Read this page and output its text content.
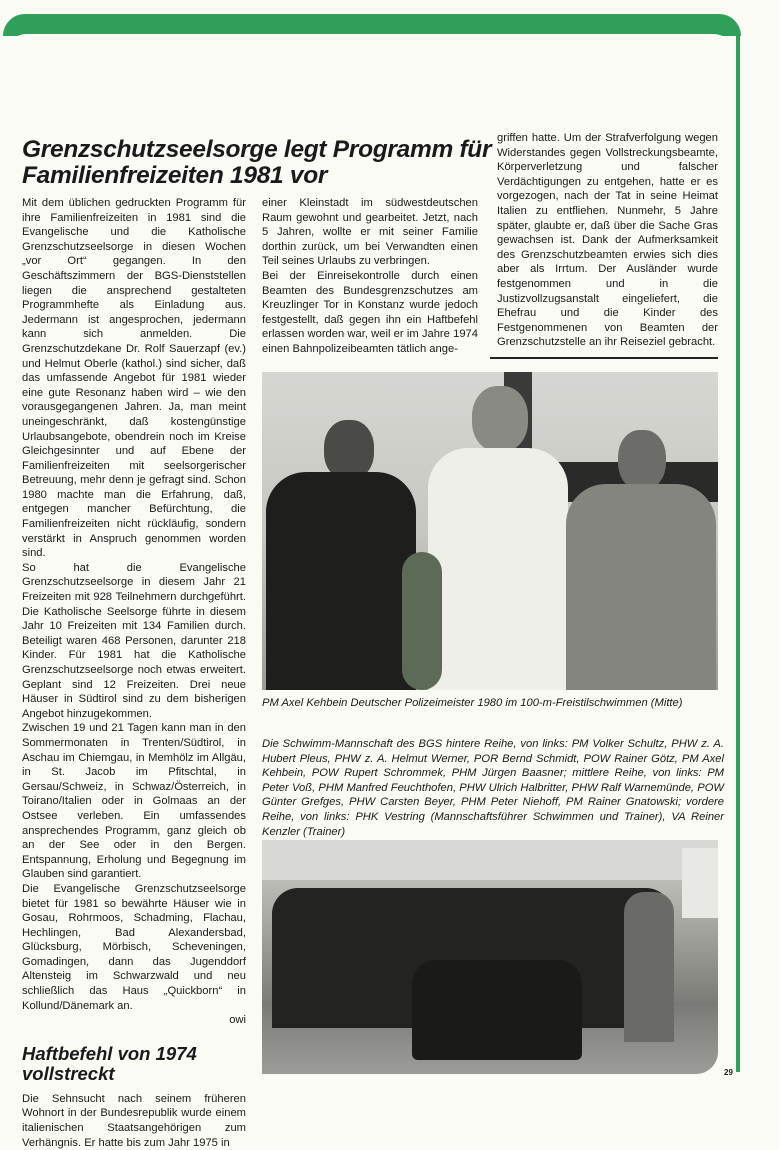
Grenzschutzseelsorge legt Programm für Familienfreizeiten 1981 vor

Mit dem üblichen gedruckten Programm für ihre Familienfreizeiten in 1981 sind die Evangelische und die Katholische Grenzschutzseelsorge in diesen Wochen „vor Ort“ gegangen. In den Geschäftszimmern der BGS-Dienststellen liegen die ansprechend gestalteten Programmhefte als Einladung aus. Jedermann ist angesprochen, jedermann kann sich anmelden. Die Grenzschutzdekane Dr. Rolf Sauerzapf (ev.) und Helmut Oberle (kathol.) sind sicher, daß das umfassende Angebot für 1981 wieder eine gute Resonanz haben wird – wie den vorausgegangenen Jahren. Ja, man meint uneingeschränkt, daß kostengünstige Urlaubsangebote, obendrein noch im Kreise Gleichgesinnter und auf Ebene der Familienfreizeiten mit seelsorgerischer Betreuung, mehr denn je gefragt sind. Schon 1980 machte man die Erfahrung, daß, entgegen mancher Befürchtung, die Familienfreizeiten nicht rückläufig, sondern verstärkt in Anspruch genommen worden sind.

So hat die Evangelische Grenzschutzseelsorge in diesem Jahr 21 Freizeiten mit 928 Teilnehmern durchgeführt. Die Katholische Seelsorge führte in diesem Jahr 10 Freizeiten mit 134 Familien durch. Beteiligt waren 468 Personen, darunter 218 Kinder. Für 1981 hat die Katholische Grenzschutzseelsorge noch etwas erweitert. Geplant sind 12 Freizeiten. Drei neue Häuser in Südtirol sind zu dem bisherigen Angebot hinzugekommen.

Zwischen 19 und 21 Tagen kann man in den Sommermonaten in Trenten/Südtirol, in Aschau im Chiemgau, in Memhölz im Allgäu, in St. Jacob im Pfitschtal, in Gersau/Schweiz, in Schwaz/Österreich, in Toirano/Italien oder in Golmaas an der Ostsee verleben. Ein umfassendes ansprechendes Programm, ganz gleich ob an der See oder in den Bergen. Entspannung, Erholung und Begegnung im Glauben sind garantiert.

Die Evangelische Grenzschutzseelsorge bietet für 1981 so bewährte Häuser wie in Gosau, Rohrmoos, Schadming, Flachau, Hechlingen, Bad Alexandersbad, Glücksburg, Mörbisch, Scheveningen, Gomadingen, dann das Jugenddorf Altensteig im Schwarzwald und neu schließlich das Haus „Quickborn“ in Kollund/Dänemark an.

owi

Haftbefehl von 1974 vollstreckt

Die Sehnsucht nach seinem früheren Wohnort in der Bundesrepublik wurde einem italienischen Staatsangehörigen zum Verhängnis. Er hatte bis zum Jahr 1975 in

einer Kleinstadt im südwestdeutschen Raum gewohnt und gearbeitet. Jetzt, nach 5 Jahren, wollte er mit seiner Familie dorthin zurück, um bei Verwandten einen Teil seines Urlaubs zu verbringen.

Bei der Einreisekontrolle durch einen Beamten des Bundesgrenzschutzes am Kreuzlinger Tor in Konstanz wurde jedoch festgestellt, daß gegen ihn ein Haftbefehl erlassen worden war, weil er im Jahre 1974 einen Bahnpolizeibeamten tätlich ange-

griffen hatte. Um der Strafverfolgung wegen Widerstandes gegen Vollstreckungsbeamte, Körperverletzung und falscher Verdächtigungen zu entgehen, hatte er es vorgezogen, nach der Tat in seine Heimat Italien zu entfliehen. Nunmehr, 5 Jahre später, glaubte er, daß über die Sache Gras gewachsen ist. Dank der Aufmerksamkeit des Grenzschutzbeamten erwies sich dies aber als Irrtum. Der Ausländer wurde festgenommen und in die Justizvollzugsanstalt eingeliefert, die Ehefrau und die Kinder des Festgenommenen von Beamten der Grenzschutzstelle an ihr Reiseziel gebracht.

PM Axel Kehbein Deutscher Polizeimeister 1980 im 100-m-Freistilschwimmen (Mitte)
Die Schwimm-Mannschaft des BGS hintere Reihe, von links: PM Volker Schultz, PHW z. A. Hubert Pleus, PHW z. A. Helmut Werner, POR Bernd Schmidt, POW Rainer Götz, PM Axel Kehbein, POW Rupert Schrommek, PHM Jürgen Baasner; mittlere Reihe, von links: PM Peter Voß, PHM Manfred Feuchthofen, PHW Ulrich Halbritter, PHW Ralf Warnemünde, POW Günter Grefges, PHW Carsten Beyer, PHM Peter Niehoff, PM Rainer Gnatowski; vordere Reihe, von links: PHK Vestring (Mannschaftsführer Schwimmen und Trainer), VA Reiner Kenzler (Trainer)
29
